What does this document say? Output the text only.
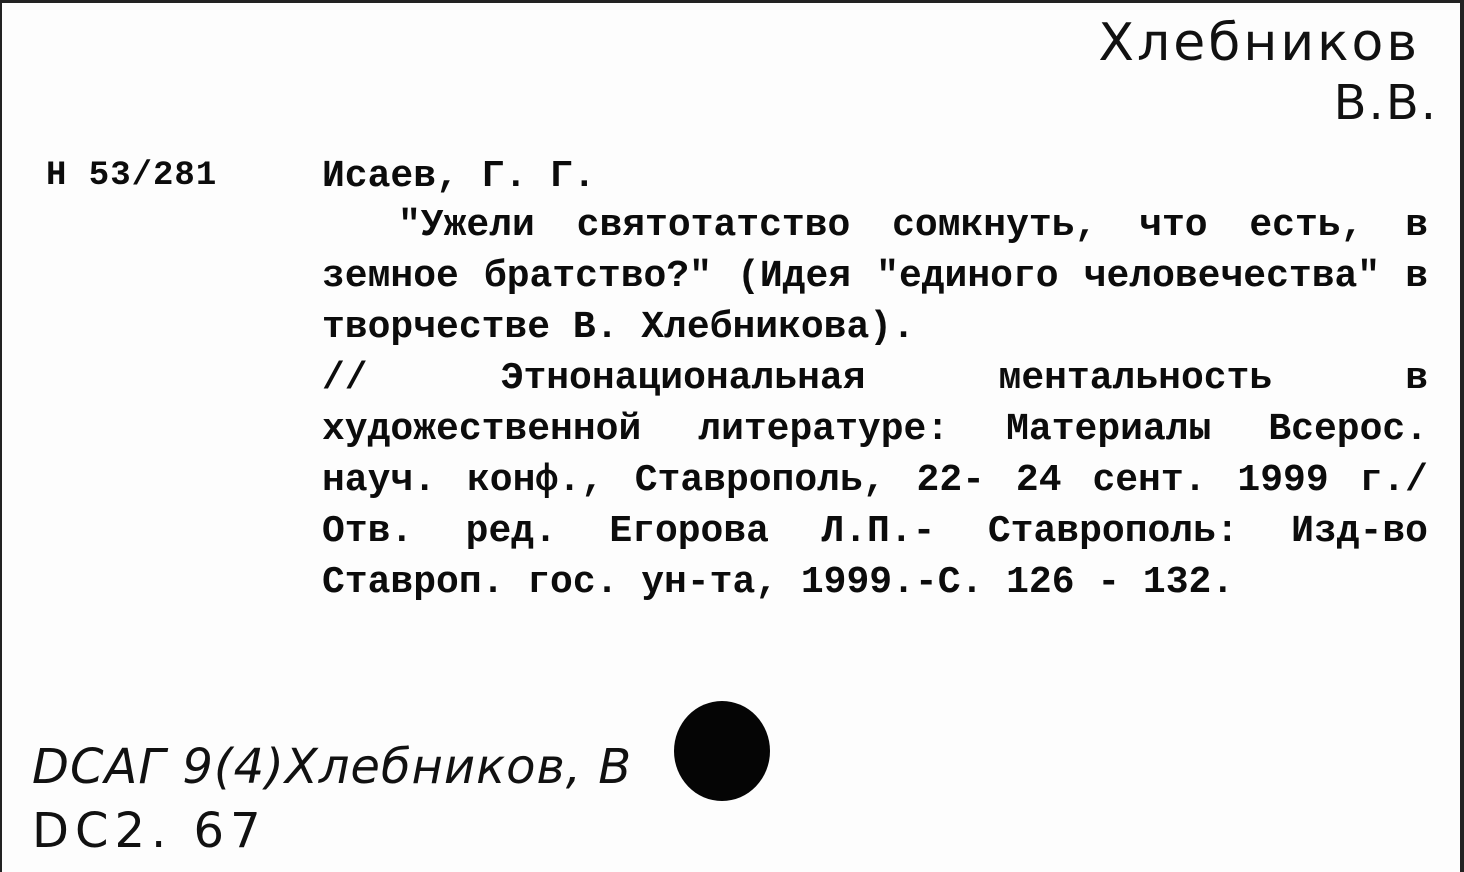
Хлебников
В.В.
Н 53/281	Исаев, Г. Г.

"Ужели святотатство сомкнуть, что есть, в земное братство?" (Идея "единого человечества" в творчестве В. Хлебникова).

// Этнонациональная ментальность в художественной литературе: Материалы Всерос. науч. конф., Ставрополь, 22- 24 сент. 1999 г./ Отв. ред. Егорова Л.П.- Ставрополь: Изд-во Ставроп. гос. ун-та, 1999.-С. 126 - 132.

DCAГ 9(4)Хлебников, В
DC2. 67
